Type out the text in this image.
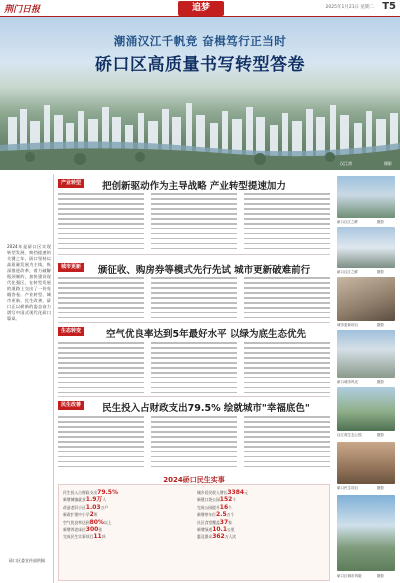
荆门日报	追梦	2025年1月21日 星期二 T5
潮涌汉江千帆竞 奋楫笃行正当时
硚口区高质量书写转型答卷
汉江湾	摄影
2024年是硚口区实现转型发展、换挡提速的关键之年。硚口坚持以高质量发展为主线，纵深推进改革，着力破解瓶颈制约，加快建设现代化强区，在转型发展的道路上交出了一份亮眼答卷。产业转型、城市更新、民生改善，硚口正以崭新的姿态奋力谱写中国式现代化硚口篇章。
硚口区委宣传部供稿
产业转型	把创新驱动作为主导战略 产业转型提速加力
城市更新	颁征收、购房券等模式先行先试 城市更新破难前行
生态转变	空气优良率达到5年最好水平 以绿为底生态优先
民生改善	民生投入占财政支出79.5% 绘就城市"幸福底色"
2024硚口民生实事
民生投入占财政支出79.5%
新增城镇就业1.9万人
改造老旧小区1.03万户
新改扩建中小学2所
空气优良率达到80%以上
新增养老床位300张
完成民生实事项目11项
城乡居民收入增长3384元
新建口袋公园152个
完成公园提升16个
新增停车位2.5万个
社区食堂覆盖37家
新增绿道10.1公里
惠及群众362万人次
硚口汉江之畔	摄影
硚口汉江之畔	摄影
城市更新项目	摄影
硚口城市风光	摄影
汉江湾生态公园	摄影
硚口民生项目	摄影
硚口区城市风貌	摄影
